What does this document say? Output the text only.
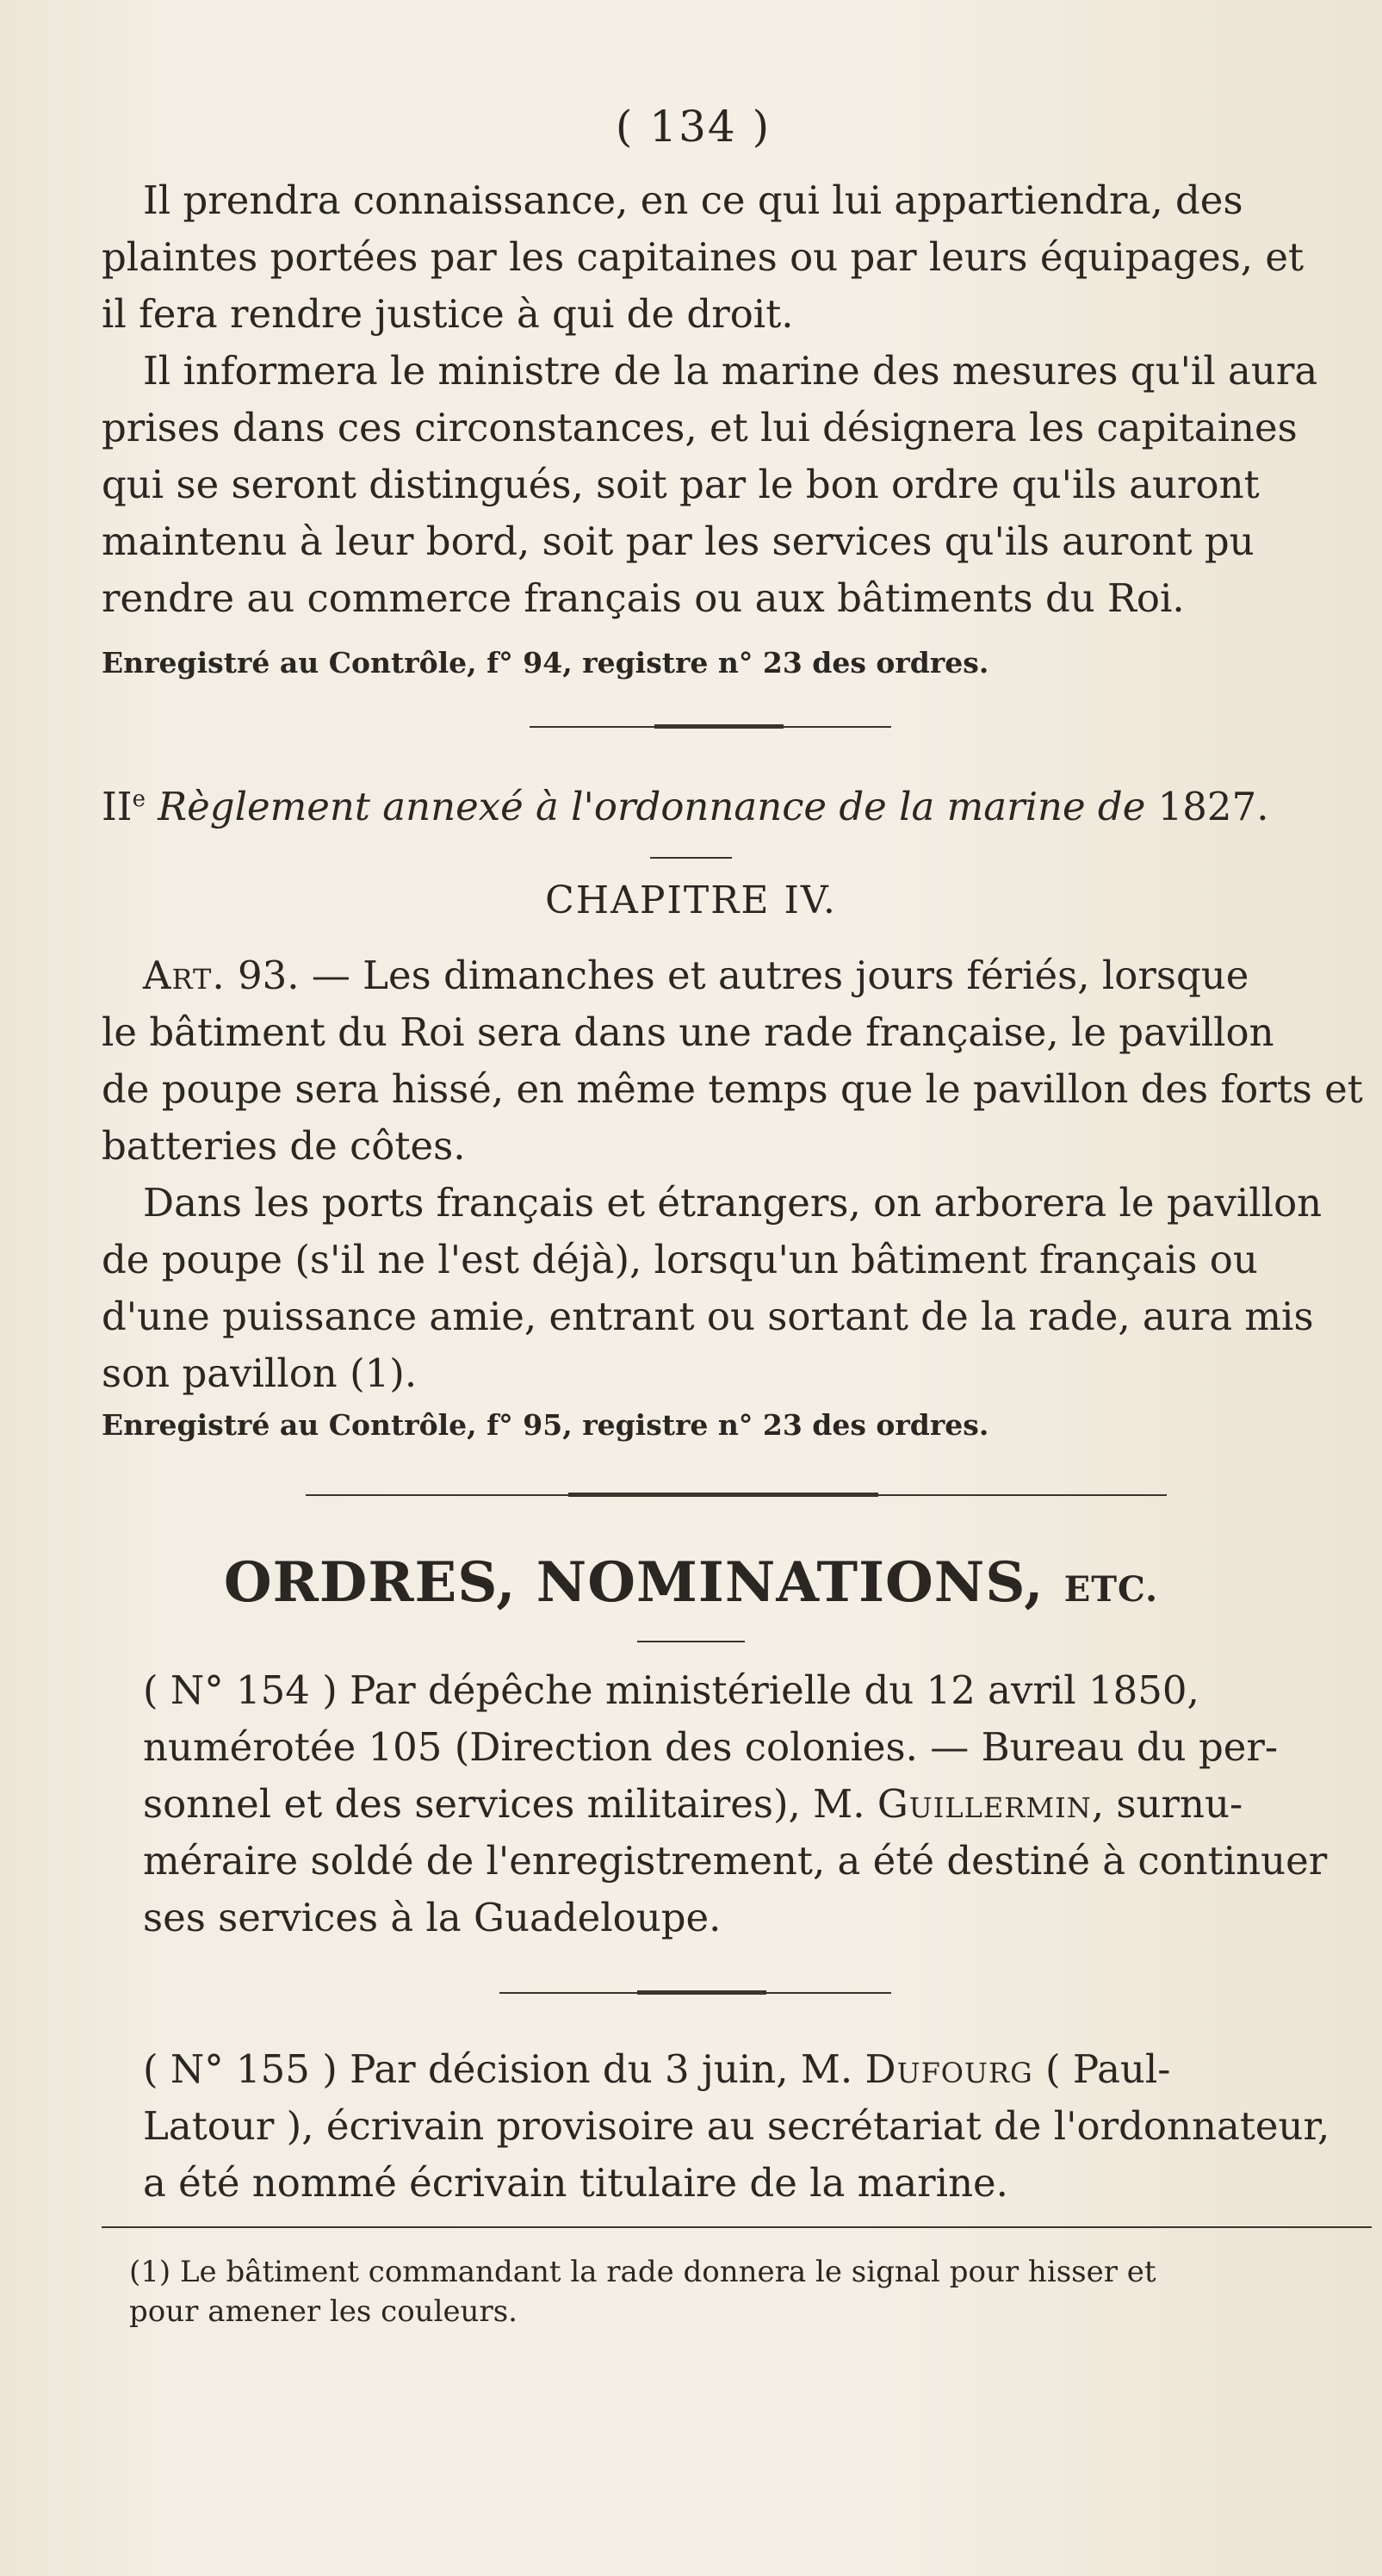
( 134 )
Il prendra connaissance, en ce qui lui appartiendra, des
plaintes portées par les capitaines ou par leurs équipages, et
il fera rendre justice à qui de droit.
Il informera le ministre de la marine des mesures qu'il aura
prises dans ces circonstances, et lui désignera les capitaines
qui se seront distingués, soit par le bon ordre qu'ils auront
maintenu à leur bord, soit par les services qu'ils auront pu
rendre au commerce français ou aux bâtiments du Roi.
Enregistré au Contrôle, f° 94, registre n° 23 des ordres.
IIe Règlement annexé à l'ordonnance de la marine de 1827.
CHAPITRE IV.
Art. 93. — Les dimanches et autres jours fériés, lorsque
le bâtiment du Roi sera dans une rade française, le pavillon
de poupe sera hissé, en même temps que le pavillon des forts et
batteries de côtes.
Dans les ports français et étrangers, on arborera le pavillon
de poupe (s'il ne l'est déjà), lorsqu'un bâtiment français ou
d'une puissance amie, entrant ou sortant de la rade, aura mis
son pavillon (1).
Enregistré au Contrôle, f° 95, registre n° 23 des ordres.
ORDRES, NOMINATIONS, ETC.
( N° 154 ) Par dépêche ministérielle du 12 avril 1850,
numérotée 105 (Direction des colonies. — Bureau du per-
sonnel et des services militaires), M. Guillermin, surnu-
méraire soldé de l'enregistrement, a été destiné à continuer
ses services à la Guadeloupe.
( N° 155 ) Par décision du 3 juin, M. Dufourg ( Paul-
Latour ), écrivain provisoire au secrétariat de l'ordonnateur,
a été nommé écrivain titulaire de la marine.
(1) Le bâtiment commandant la rade donnera le signal pour hisser et
pour amener les couleurs.
